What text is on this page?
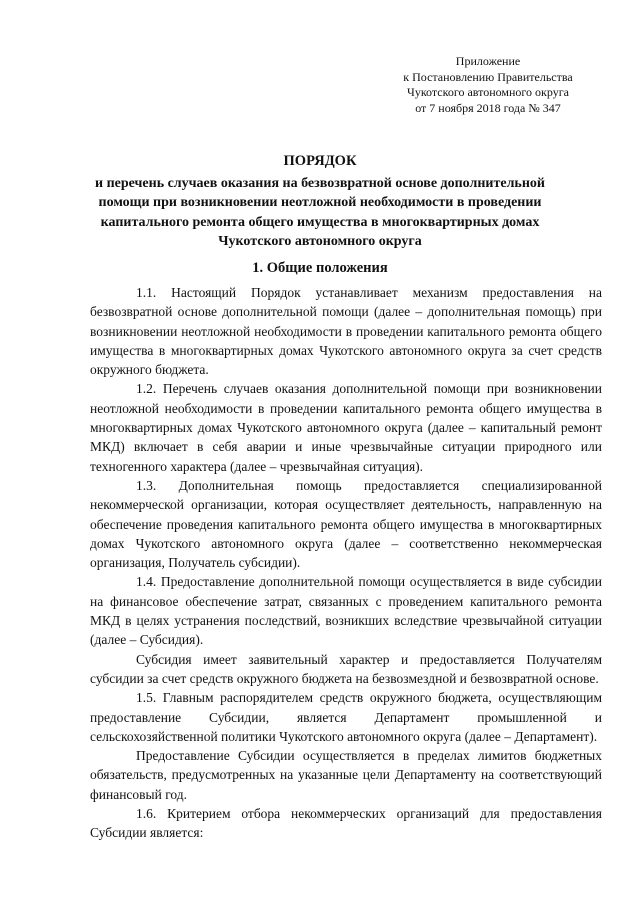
Приложение
к Постановлению Правительства
Чукотского автономного округа
от 7 ноября 2018 года № 347
ПОРЯДОК
и перечень случаев оказания на безвозвратной основе дополнительной
помощи при возникновении неотложной необходимости в проведении
капитального ремонта общего имущества в многоквартирных домах
Чукотского автономного округа
1. Общие положения

1.1. Настоящий Порядок устанавливает механизм предоставления на безвозвратной основе дополнительной помощи (далее – дополнительная помощь) при возникновении неотложной необходимости в проведении капитального ремонта общего имущества в многоквартирных домах Чукотского автономного округа за счет средств окружного бюджета.

1.2. Перечень случаев оказания дополнительной помощи при возникновении неотложной необходимости в проведении капитального ремонта общего имущества в многоквартирных домах Чукотского автономного округа (далее – капитальный ремонт МКД) включает в себя аварии и иные чрезвычайные ситуации природного или техногенного характера (далее – чрезвычайная ситуация).

1.3. Дополнительная помощь предоставляется специализированной некоммерческой организации, которая осуществляет деятельность, направленную на обеспечение проведения капитального ремонта общего имущества в многоквартирных домах Чукотского автономного округа (далее – соответственно некоммерческая организация, Получатель субсидии).

1.4. Предоставление дополнительной помощи осуществляется в виде субсидии на финансовое обеспечение затрат, связанных с проведением капитального ремонта МКД в целях устранения последствий, возникших вследствие чрезвычайной ситуации (далее – Субсидия).

Субсидия имеет заявительный характер и предоставляется Получателям субсидии за счет средств окружного бюджета на безвозмездной и безвозвратной основе.

1.5. Главным распорядителем средств окружного бюджета, осуществляющим предоставление Субсидии, является Департамент промышленной и сельскохозяйственной политики Чукотского автономного округа (далее – Департамент).

Предоставление Субсидии осуществляется в пределах лимитов бюджетных обязательств, предусмотренных на указанные цели Департаменту на соответствующий финансовый год.

1.6. Критерием отбора некоммерческих организаций для предоставления Субсидии является:
